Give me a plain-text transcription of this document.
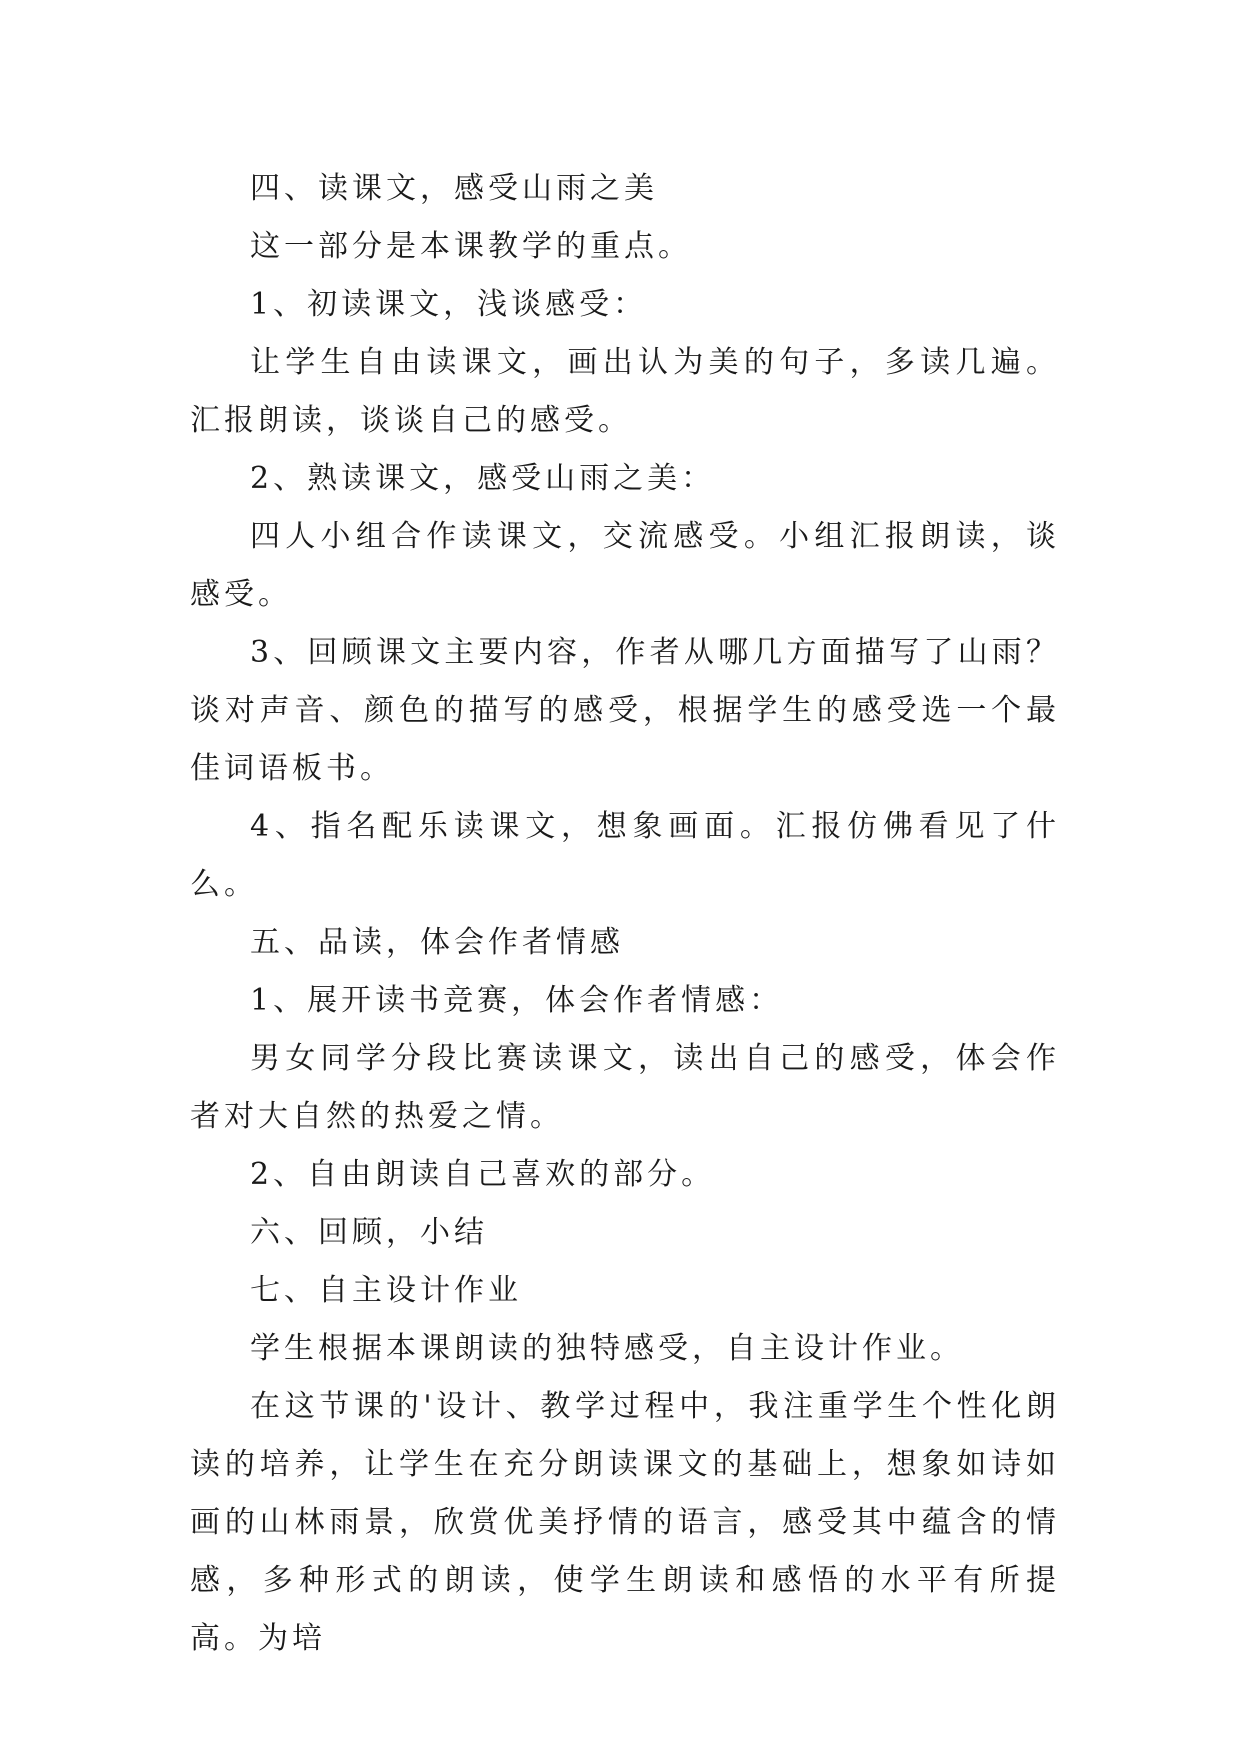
四、读课文，感受山雨之美

这一部分是本课教学的重点。

1、初读课文，浅谈感受：

让学生自由读课文，画出认为美的句子，多读几遍。汇报朗读，谈谈自己的感受。

2、熟读课文，感受山雨之美：

四人小组合作读课文，交流感受。小组汇报朗读，谈感受。

3、回顾课文主要内容，作者从哪几方面描写了山雨？谈对声音、颜色的描写的感受，根据学生的感受选一个最佳词语板书。

4、指名配乐读课文，想象画面。汇报仿佛看见了什么。

五、品读，体会作者情感

1、展开读书竞赛，体会作者情感：

男女同学分段比赛读课文，读出自己的感受，体会作者对大自然的热爱之情。

2、自由朗读自己喜欢的部分。

六、回顾，小结

七、自主设计作业

学生根据本课朗读的独特感受，自主设计作业。

在这节课的'设计、教学过程中，我注重学生个性化朗读的培养，让学生在充分朗读课文的基础上，想象如诗如画的山林雨景，欣赏优美抒情的语言，感受其中蕴含的情感，多种形式的朗读，使学生朗读和感悟的水平有所提高。为培
